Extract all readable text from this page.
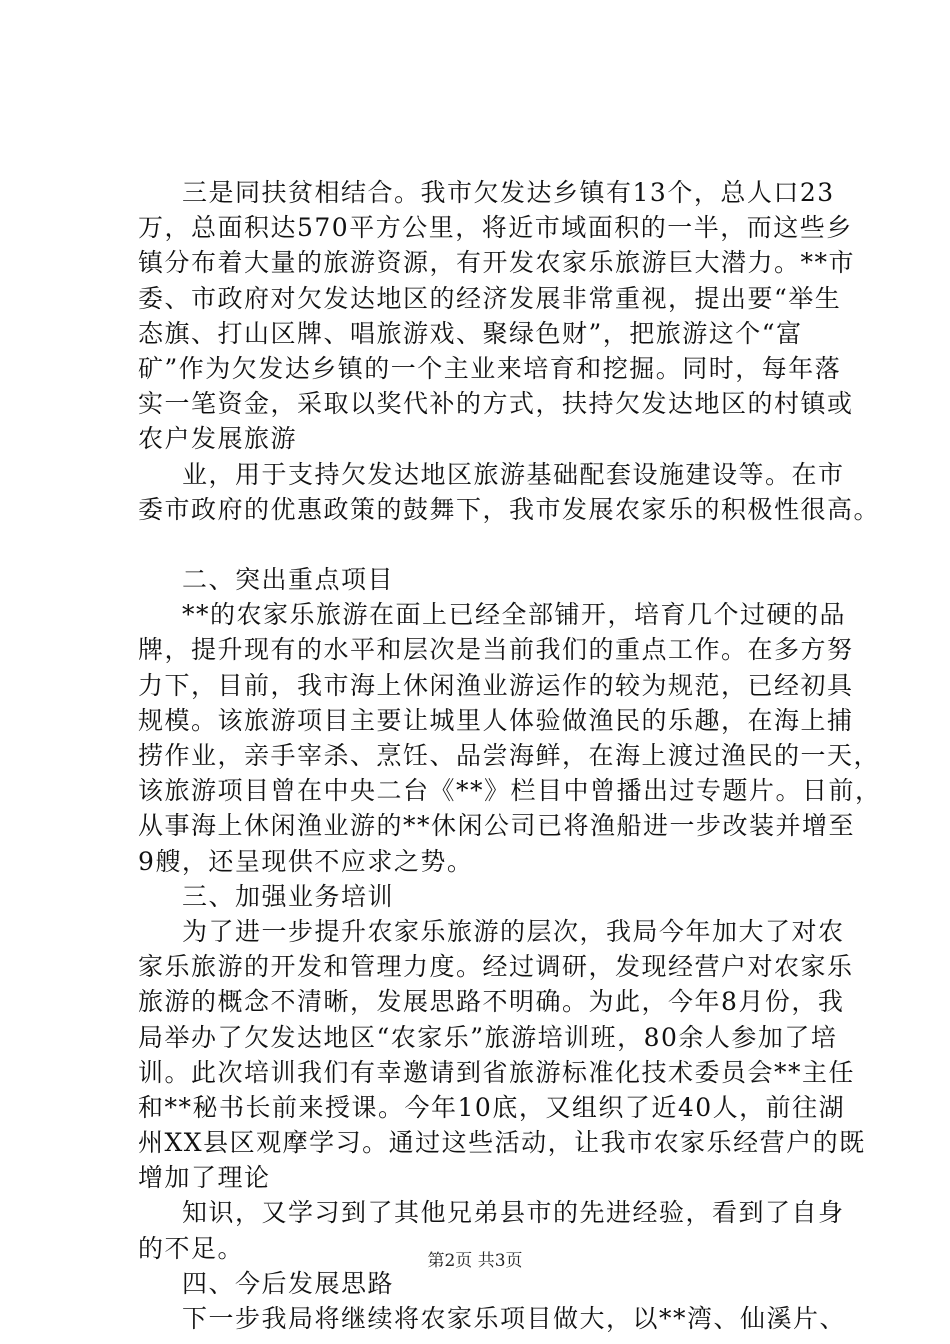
三是同扶贫相结合。我市欠发达乡镇有13个，总人口23
万，总面积达570平方公里，将近市域面积的一半，而这些乡
镇分布着大量的旅游资源，有开发农家乐旅游巨大潜力。**市
委、市政府对欠发达地区的经济发展非常重视，提出要“举生
态旗、打山区牌、唱旅游戏、聚绿色财”，把旅游这个“富
矿”作为欠发达乡镇的一个主业来培育和挖掘。同时，每年落
实一笔资金，采取以奖代补的方式，扶持欠发达地区的村镇或
农户发展旅游
业，用于支持欠发达地区旅游基础配套设施建设等。在市
委市政府的优惠政策的鼓舞下，我市发展农家乐的积极性很高。
二、突出重点项目
**的农家乐旅游在面上已经全部铺开，培育几个过硬的品
牌，提升现有的水平和层次是当前我们的重点工作。在多方努
力下，目前，我市海上休闲渔业游运作的较为规范，已经初具
规模。该旅游项目主要让城里人体验做渔民的乐趣，在海上捕
捞作业，亲手宰杀、烹饪、品尝海鲜，在海上渡过渔民的一天，
该旅游项目曾在中央二台《**》栏目中曾播出过专题片。日前，
从事海上休闲渔业游的**休闲公司已将渔船进一步改装并增至
9艘，还呈现供不应求之势。
三、加强业务培训
为了进一步提升农家乐旅游的层次，我局今年加大了对农
家乐旅游的开发和管理力度。经过调研，发现经营户对农家乐
旅游的概念不清晰，发展思路不明确。为此，今年8月份，我
局举办了欠发达地区“农家乐”旅游培训班，80余人参加了培
训。此次培训我们有幸邀请到省旅游标准化技术委员会**主任
和**秘书长前来授课。今年10底，又组织了近40人，前往湖
州XX县区观摩学习。通过这些活动，让我市农家乐经营户的既
增加了理论
知识，又学习到了其他兄弟县市的先进经验，看到了自身
的不足。
四、今后发展思路
下一步我局将继续将农家乐项目做大，以**湾、仙溪片、
第2页 共3页
